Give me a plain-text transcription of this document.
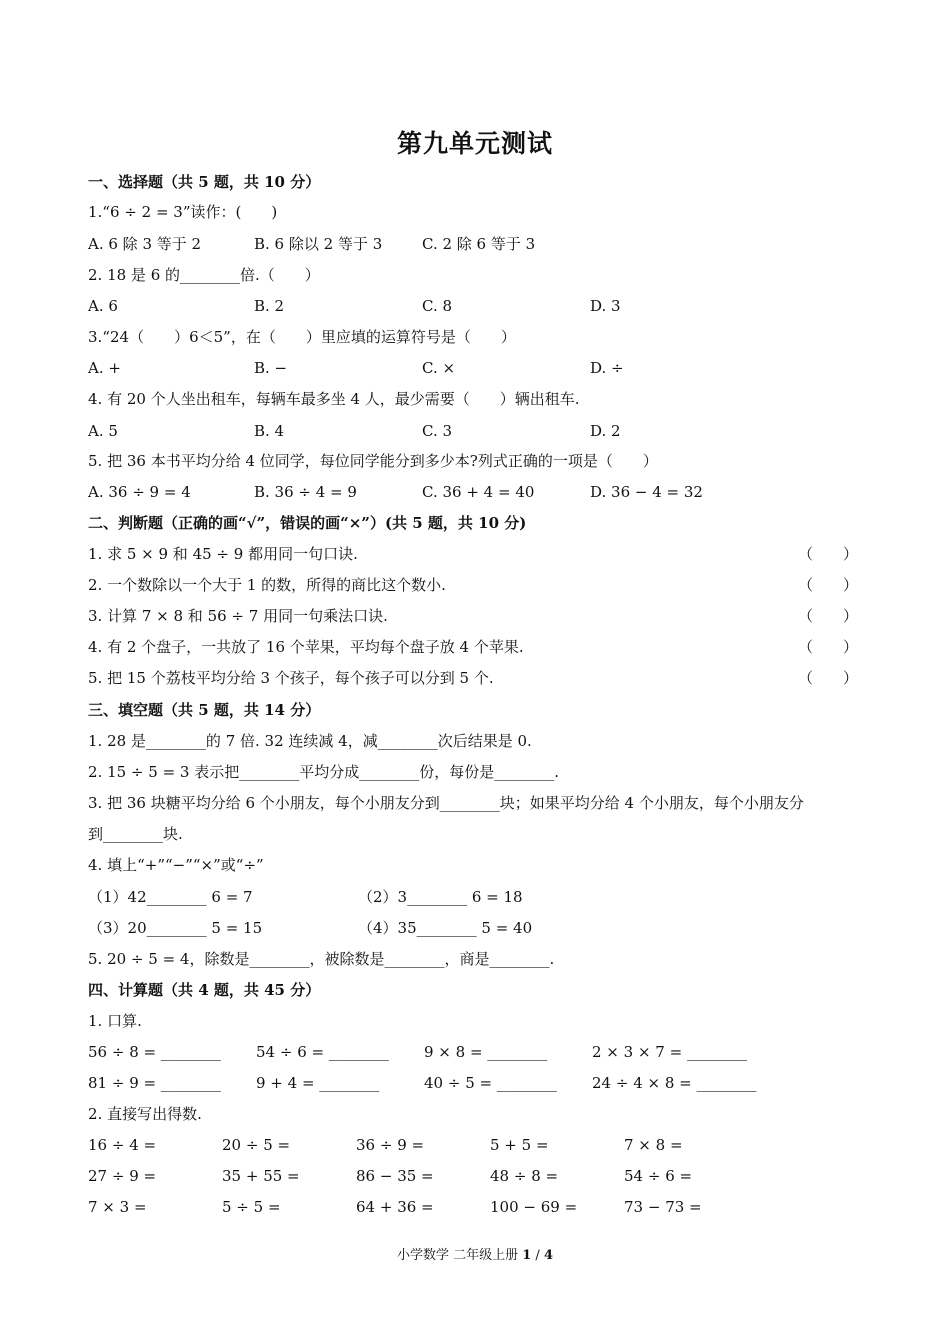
第九单元测试
一、选择题（共 5 题，共 10 分）
1.“6 ÷ 2 = 3”读作：(　　)
A. 6 除 3 等于 2	B. 6 除以 2 等于 3	C. 2 除 6 等于 3
2. 18 是 6 的________倍.（　　）
A. 6	B. 2	C. 8	D. 3
3.“24（　　）6＜5”，在（　　）里应填的运算符号是（　　）
A. +	B. −	C. ×	D. ÷
4. 有 20 个人坐出租车，每辆车最多坐 4 人，最少需要（　　）辆出租车.
A. 5	B. 4	C. 3	D. 2
5. 把 36 本书平均分给 4 位同学，每位同学能分到多少本?列式正确的一项是（　　）
A. 36 ÷ 9 = 4	B. 36 ÷ 4 = 9	C. 36 + 4 = 40	D. 36 − 4 = 32
二、判断题（正确的画“√”，错误的画“×”）(共 5 题，共 10 分)
1. 求 5 × 9 和 45 ÷ 9 都用同一句口诀.	（　　）
2. 一个数除以一个大于 1 的数，所得的商比这个数小.	（　　）
3. 计算 7 × 8 和 56 ÷ 7 用同一句乘法口诀.	（　　）
4. 有 2 个盘子，一共放了 16 个苹果，平均每个盘子放 4 个苹果.	（　　）
5. 把 15 个荔枝平均分给 3 个孩子，每个孩子可以分到 5 个.	（　　）
三、填空题（共 5 题，共 14 分）
1. 28 是________的 7 倍. 32 连续减 4，减________次后结果是 0.
2. 15 ÷ 5 = 3 表示把________平均分成________份，每份是________.
3. 把 36 块糖平均分给 6 个小朋友，每个小朋友分到________块；如果平均分给 4 个小朋友，每个小朋友分
到________块.
4. 填上“+”“−”“×”或“÷”
（1）42________ 6 = 7	（2）3________ 6 = 18
（3）20________ 5 = 15	（4）35________ 5 = 40
5. 20 ÷ 5 = 4，除数是________，被除数是________，商是________.
四、计算题（共 4 题，共 45 分）
1. 口算.
56 ÷ 8 = ________ 54 ÷ 6 = ________ 9 × 8 = ________	2 × 3 × 7 = ________
81 ÷ 9 = ________ 9 + 4 = ________	40 ÷ 5 = ________ 24 ÷ 4 × 8 = ________
2. 直接写出得数.
16 ÷ 4 =	20 ÷ 5 =	36 ÷ 9 =	5 + 5 =	7 × 8 =
27 ÷ 9 =	35 + 55 =	86 − 35 =	48 ÷ 8 =	54 ÷ 6 =
7 × 3 =	5 ÷ 5 =	64 + 36 =	100 − 69 =	73 − 73 =
小学数学 二年级上册 1 / 4
